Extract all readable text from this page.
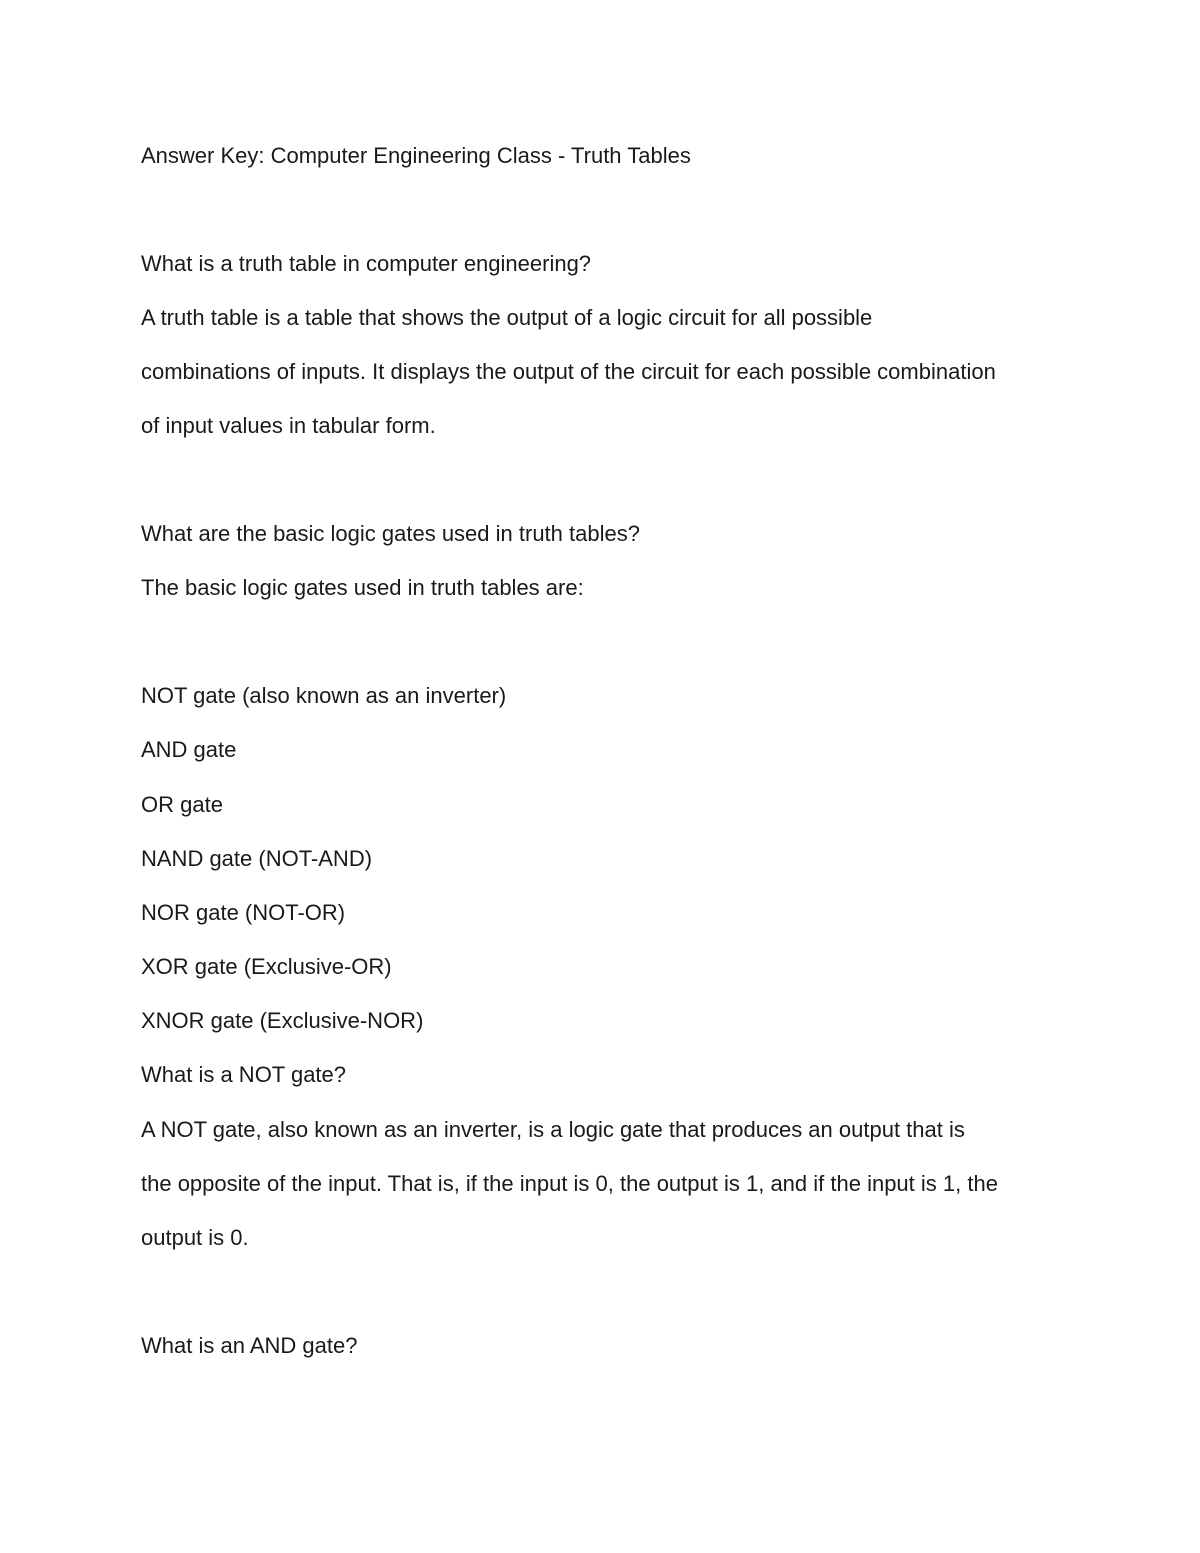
Answer Key: Computer Engineering Class - Truth Tables
What is a truth table in computer engineering?
A truth table is a table that shows the output of a logic circuit for all possible
combinations of inputs. It displays the output of the circuit for each possible combination
of input values in tabular form.
What are the basic logic gates used in truth tables?
The basic logic gates used in truth tables are:
NOT gate (also known as an inverter)
AND gate
OR gate
NAND gate (NOT-AND)
NOR gate (NOT-OR)
XOR gate (Exclusive-OR)
XNOR gate (Exclusive-NOR)
What is a NOT gate?
A NOT gate, also known as an inverter, is a logic gate that produces an output that is
the opposite of the input. That is, if the input is 0, the output is 1, and if the input is 1, the
output is 0.
What is an AND gate?
